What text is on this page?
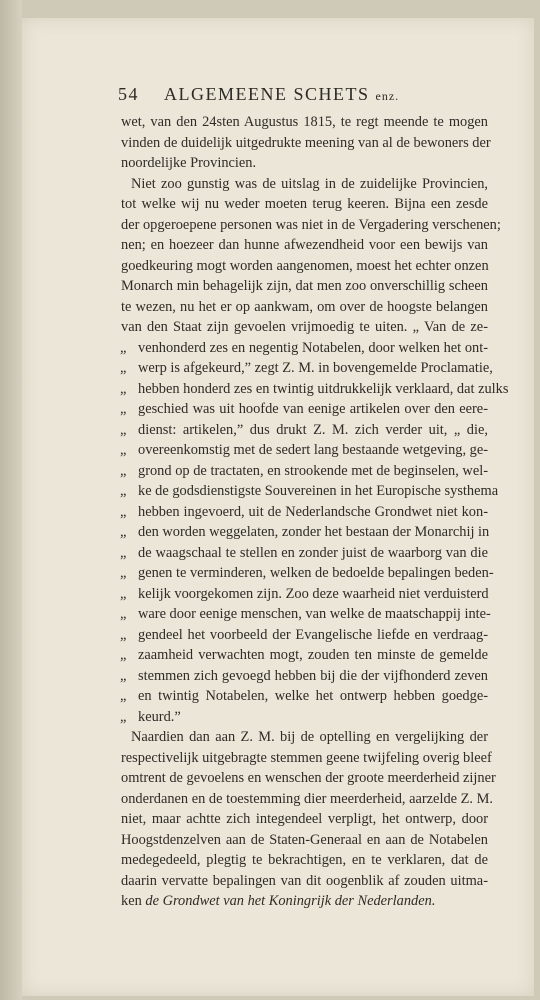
54 ALGEMEENE SCHETS enz.
wet, van den 24sten Augustus 1815, te regt meende te mogen
vinden de duidelijk uitgedrukte meening van al de bewoners der
noordelijke Provincien.
Niet zoo gunstig was de uitslag in de zuidelijke Provincien,
tot welke wij nu weder moeten terug keeren. Bijna een zesde
der opgeroepene personen was niet in de Vergadering verschenen;
nen; en hoezeer dan hunne afwezendheid voor een bewijs van
goedkeuring mogt worden aangenomen, moest het echter onzen
Monarch min behagelijk zijn, dat men zoo onverschillig scheen
te wezen, nu het er op aankwam, om over de hoogste belangen
van den Staat zijn gevoelen vrijmoedig te uiten. „ Van de ze-
„ venhonderd zes en negentig Notabelen, door welken het ont-
„ werp is afgekeurd,” zegt Z. M. in bovengemelde Proclamatie,
„ hebben honderd zes en twintig uitdrukkelijk verklaard, dat zulks
„ geschied was uit hoofde van eenige artikelen over den eere-
„ dienst: artikelen,” dus drukt Z. M. zich verder uit, „ die,
„ overeenkomstig met de sedert lang bestaande wetgeving, ge-
„ grond op de tractaten, en strookende met de beginselen, wel-
„ ke de godsdienstigste Souvereinen in het Europische systhema
„ hebben ingevoerd, uit de Nederlandsche Grondwet niet kon-
„ den worden weggelaten, zonder het bestaan der Monarchij in
„ de waagschaal te stellen en zonder juist de waarborg van die
„ genen te verminderen, welken de bedoelde bepalingen beden-
„ kelijk voorgekomen zijn. Zoo deze waarheid niet verduisterd
„ ware door eenige menschen, van welke de maatschappij inte-
„ gendeel het voorbeeld der Evangelische liefde en verdraag-
„ zaamheid verwachten mogt, zouden ten minste de gemelde
„ stemmen zich gevoegd hebben bij die der vijfhonderd zeven
„ en twintig Notabelen, welke het ontwerp hebben goedge-
„ keurd.”
Naardien dan aan Z. M. bij de optelling en vergelijking der
respectivelijk uitgebragte stemmen geene twijfeling overig bleef
omtrent de gevoelens en wenschen der groote meerderheid zijner
onderdanen en de toestemming dier meerderheid, aarzelde Z. M.
niet, maar achtte zich integendeel verpligt, het ontwerp, door
Hoogstdenzelven aan de Staten-Generaal en aan de Notabelen
medegedeeld, plegtig te bekrachtigen, en te verklaren, dat de
daarin vervatte bepalingen van dit oogenblik af zouden uitma-
ken de Grondwet van het Koningrijk der Nederlanden.
